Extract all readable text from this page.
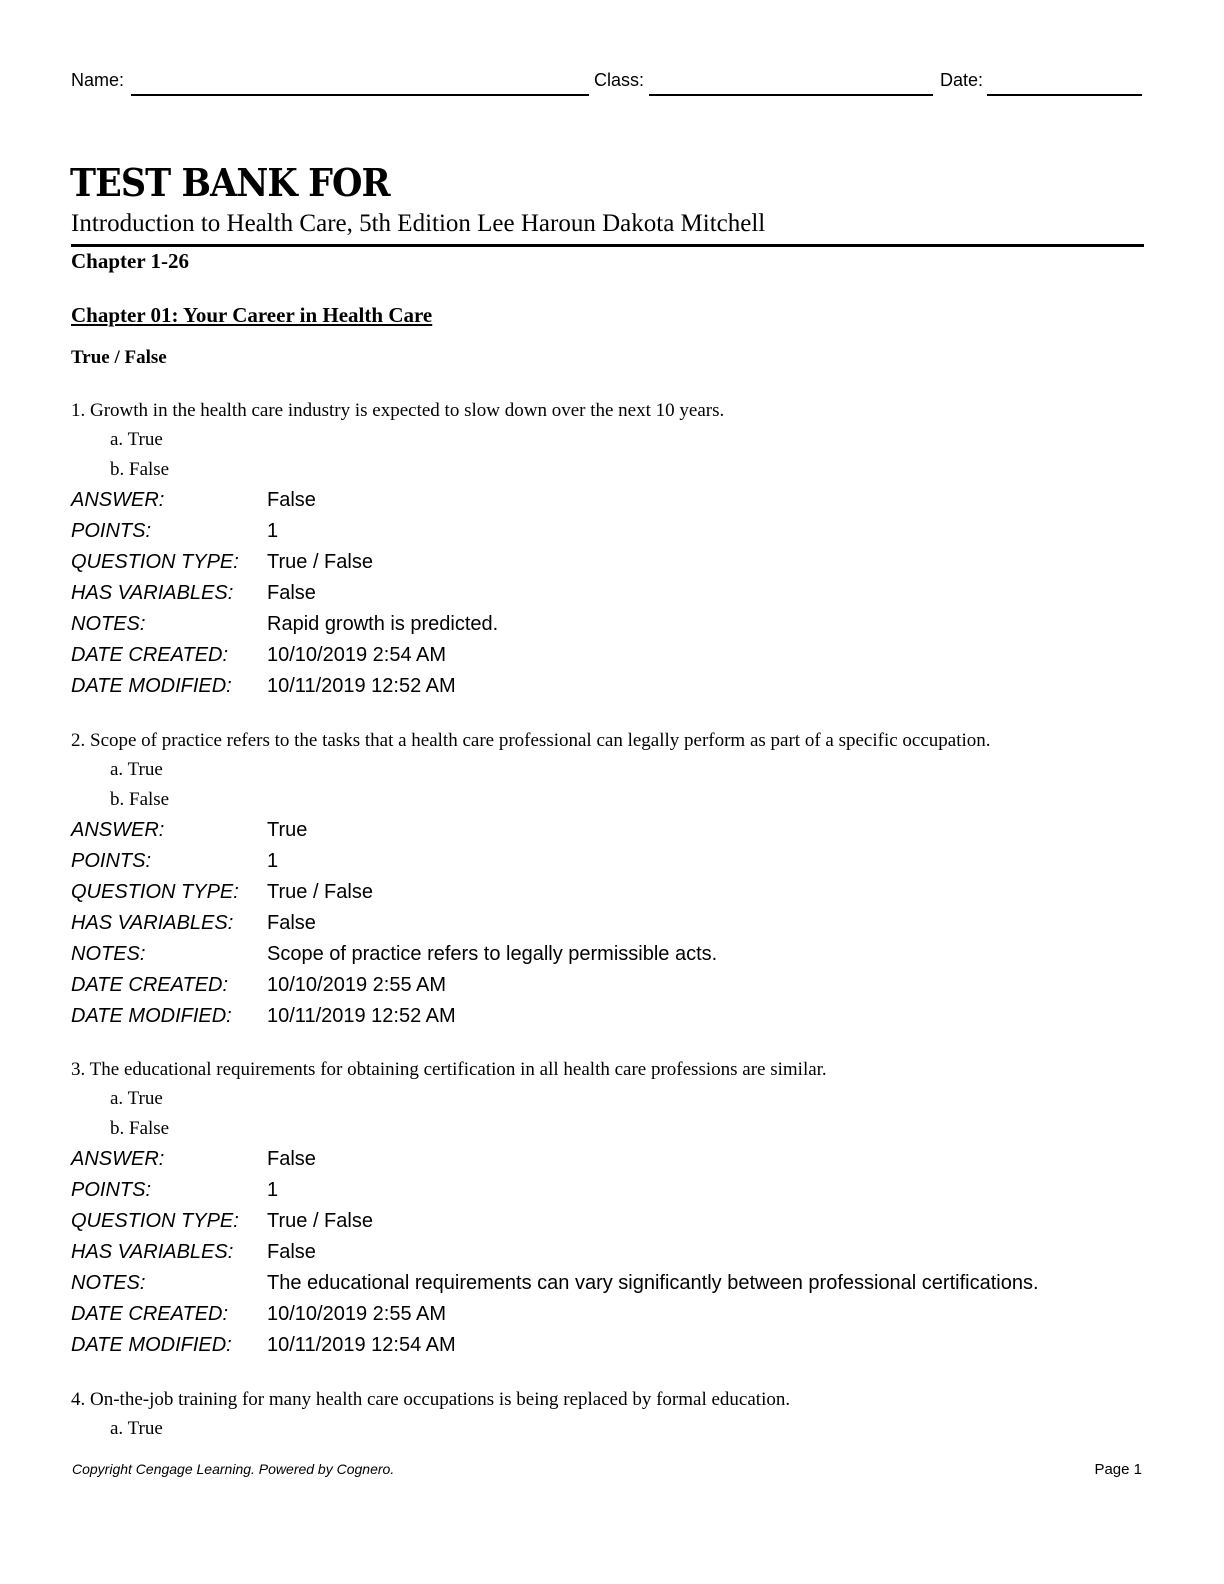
Name:	Class:	Date:
TEST BANK FOR
Introduction to Health Care, 5th Edition Lee Haroun Dakota Mitchell
Chapter 1-26
Chapter 01: Your Career in Health Care
True / False
1. Growth in the health care industry is expected to slow down over the next 10 years.
a. True
b. False
ANSWER:	False
POINTS:	1
QUESTION TYPE: True / False
HAS VARIABLES: False
NOTES:	Rapid growth is predicted.
DATE CREATED: 10/10/2019 2:54 AM
DATE MODIFIED: 10/11/2019 12:52 AM
2. Scope of practice refers to the tasks that a health care professional can legally perform as part of a specific occupation.
a. True
b. False
ANSWER:	True
POINTS:	1
QUESTION TYPE: True / False
HAS VARIABLES: False
NOTES:	Scope of practice refers to legally permissible acts.
DATE CREATED: 10/10/2019 2:55 AM
DATE MODIFIED: 10/11/2019 12:52 AM
3. The educational requirements for obtaining certification in all health care professions are similar.
a. True
b. False
ANSWER:	False
POINTS:	1
QUESTION TYPE: True / False
HAS VARIABLES: False
NOTES:	The educational requirements can vary significantly between professional certifications.
DATE CREATED: 10/10/2019 2:55 AM
DATE MODIFIED: 10/11/2019 12:54 AM
4. On-the-job training for many health care occupations is being replaced by formal education.
a. True
Copyright Cengage Learning. Powered by Cognero.	Page 1
